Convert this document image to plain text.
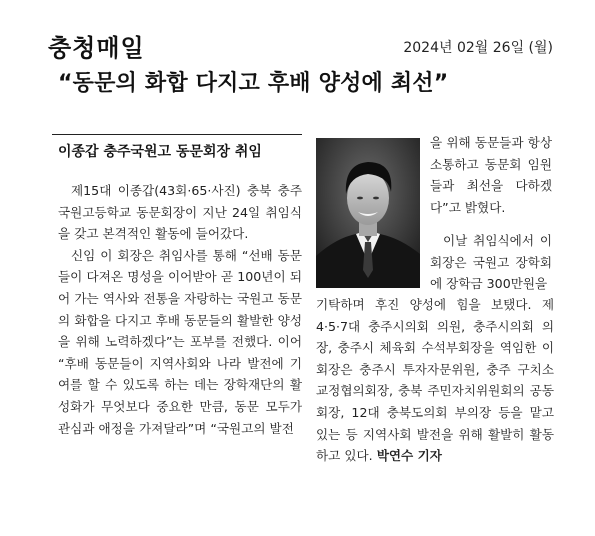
충청매일	2024년 02월 26일 (월)
“동문의 화합 다지고 후배 양성에 최선”
이종갑 충주국원고 동문회장 취임

제15대 이종갑(43회·65·사진) 충북 충주 국원고등학교 동문회장이 지난 24일 취임식을 갖고 본격적인 활동에 들어갔다.

신임 이 회장은 취임사를 통해 “선배 동문들이 다져온 명성을 이어받아 곧 100년이 되어 가는 역사와 전통을 자랑하는 국원고 동문의 화합을 다지고 후배 동문들의 활발한 양성을 위해 노력하겠다”는 포부를 전했다. 이어 “후배 동문들이 지역사회와 나라 발전에 기여를 할 수 있도록 하는 데는 장학재단의 활성화가 무엇보다 중요한 만큼, 동문 모두가 관심과 애정을 가져달라”며 “국원고의 발전

을 위해 동문들과 항상 소통하고 동문회 임원들과 최선을 다하겠다”고 밝혔다.

이날 취임식에서 이 회장은 국원고 장학회에 장학금 300만원을

기탁하며 후진 양성에 힘을 보탰다. 제4·5·7대 충주시의회 의원, 충주시의회 의장, 충주시 체육회 수석부회장을 역임한 이 회장은 충주시 투자자문위원, 충주 구치소 교정협의회장, 충북 주민자치위원회의 공동회장, 12대 충북도의회 부의장 등을 맡고 있는 등 지역사회 발전을 위해 활발히 활동하고 있다. 박연수 기자
